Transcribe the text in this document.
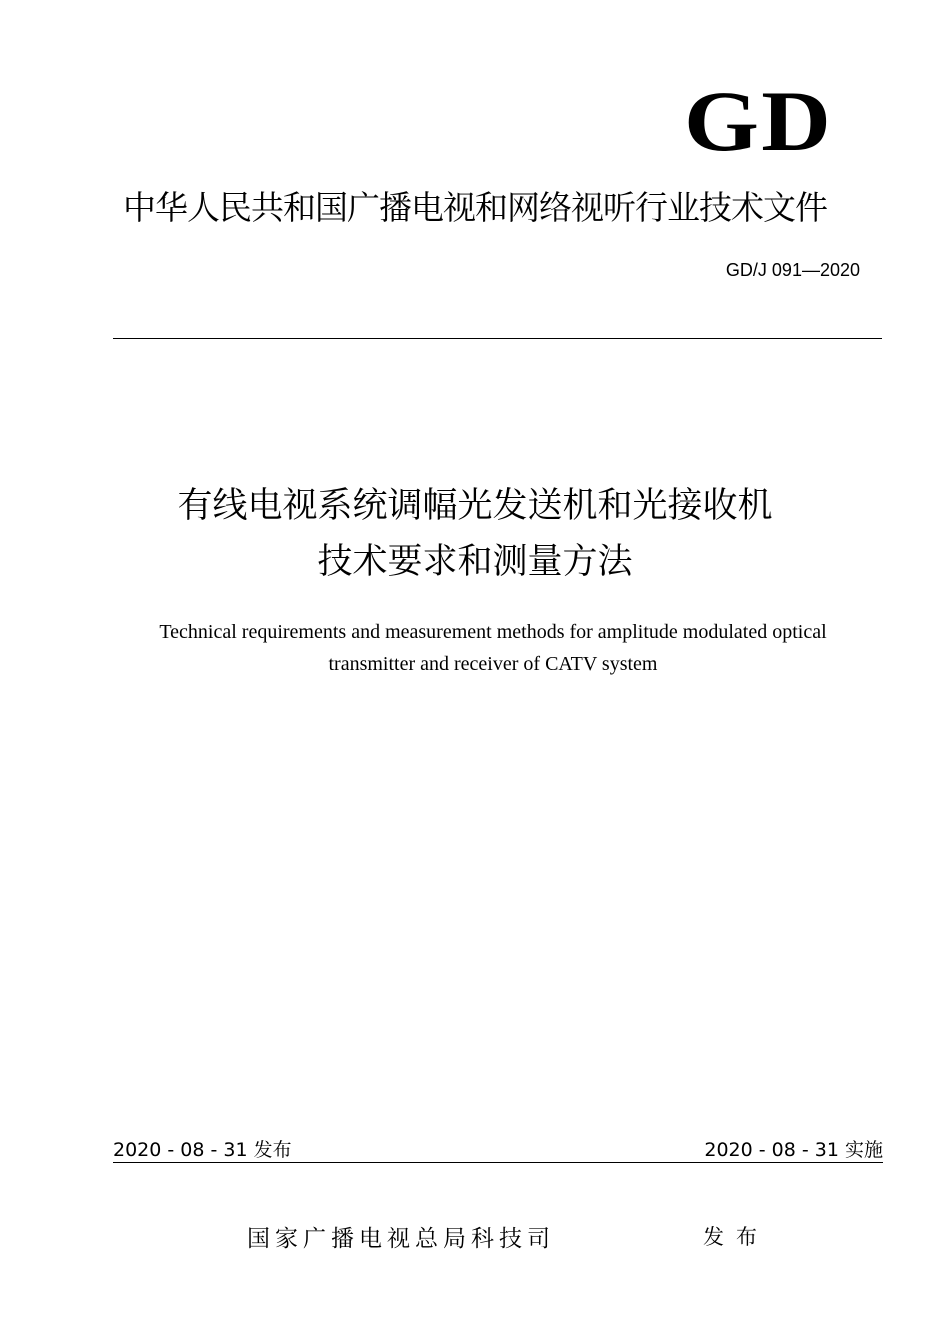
GD
中华人民共和国广播电视和网络视听行业技术文件
GD/J 091—2020
有线电视系统调幅光发送机和光接收机
技术要求和测量方法
Technical requirements and measurement methods for amplitude modulated optical
transmitter and receiver of CATV system
2020 - 08 - 31 发布	2020 - 08 - 31 实施
国家广播电视总局科技司	发布
